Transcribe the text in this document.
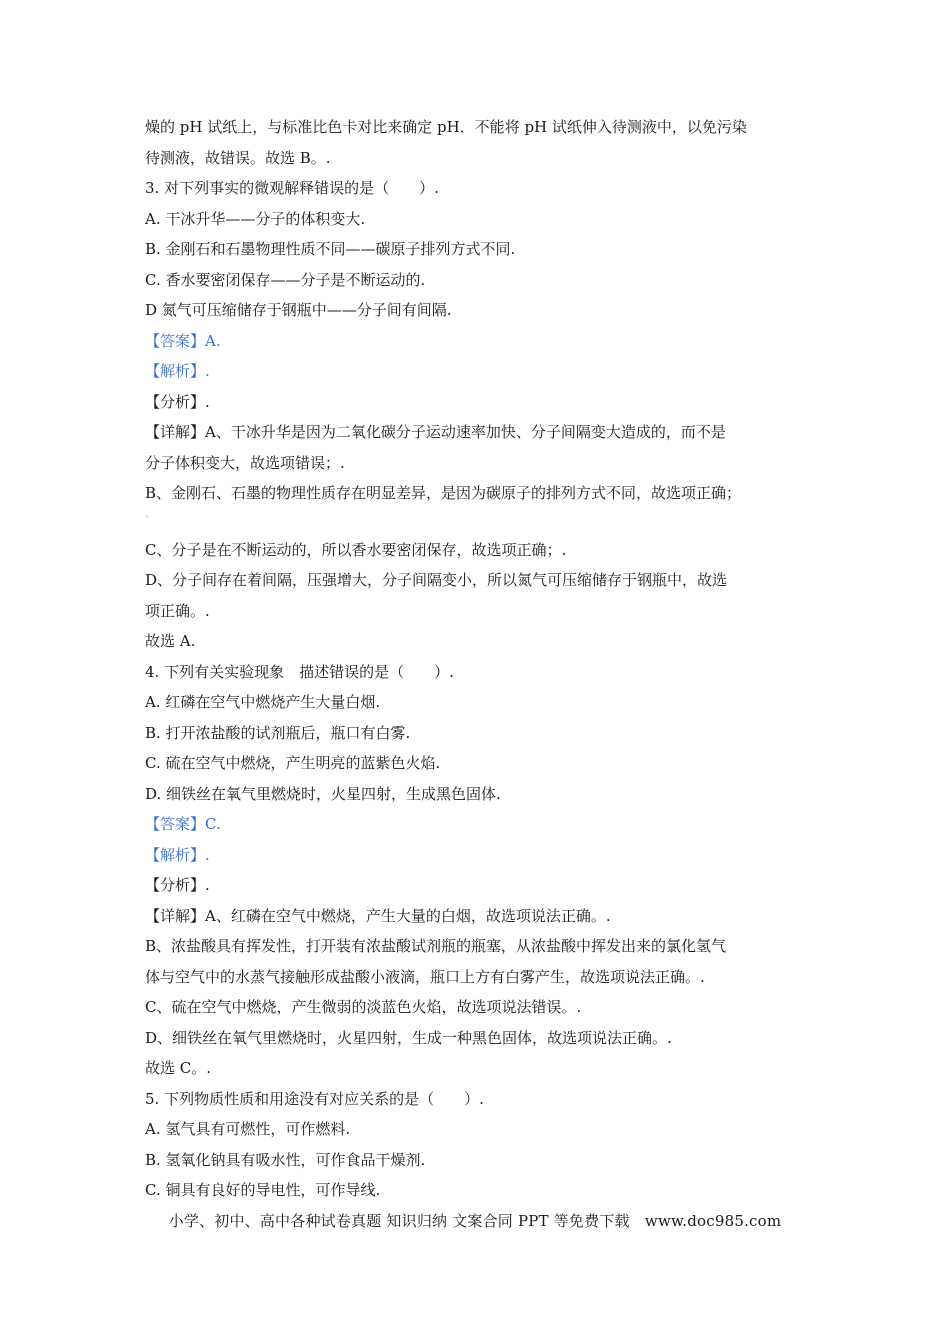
燥的 pH 试纸上，与标准比色卡对比来确定 pH．不能将 pH 试纸伸入待测液中，以免污染
待测液，故错误。故选 B。.
3. 对下列事实的微观解释错误的是（　　）.
A. 干冰升华——分子的体积变大.
B. 金刚石和石墨物理性质不同——碳原子排列方式不同.
C. 香水要密闭保存——分子是不断运动的.
D 氮气可压缩储存于钢瓶中——分子间有间隔.
【答案】A.
【解析】.
【分析】.
【详解】A、干冰升华是因为二氧化碳分子运动速率加快、分子间隔变大造成的，而不是
分子体积变大，故选项错误；.
B、金刚石、石墨的物理性质存在明显差异，是因为碳原子的排列方式不同，故选项正确；
`
C、分子是在不断运动的，所以香水要密闭保存，故选项正确；.
D、分子间存在着间隔，压强增大，分子间隔变小，所以氮气可压缩储存于钢瓶中，故选
项正确。.
故选 A.
4. 下列有关实验现象　描述错误的是（　　）.
A. 红磷在空气中燃烧产生大量白烟.
B. 打开浓盐酸的试剂瓶后，瓶口有白雾.
C. 硫在空气中燃烧，产生明亮的蓝紫色火焰.
D. 细铁丝在氧气里燃烧时，火星四射，生成黑色固体.
【答案】C.
【解析】.
【分析】.
【详解】A、红磷在空气中燃烧，产生大量的白烟，故选项说法正确。.
B、浓盐酸具有挥发性，打开装有浓盐酸试剂瓶的瓶塞，从浓盐酸中挥发出来的氯化氢气
体与空气中的水蒸气接触形成盐酸小液滴，瓶口上方有白雾产生，故选项说法正确。.
C、硫在空气中燃烧，产生微弱的淡蓝色火焰，故选项说法错误。.
D、细铁丝在氧气里燃烧时，火星四射，生成一种黑色固体，故选项说法正确。.
故选 C。.
5. 下列物质性质和用途没有对应关系的是（　　）.
A. 氢气具有可燃性，可作燃料.
B. 氢氧化钠具有吸水性，可作食品干燥剂.
C. 铜具有良好的导电性，可作导线.
小学、初中、高中各种试卷真题 知识归纳 文案合同 PPT 等免费下载　www.doc985.com
